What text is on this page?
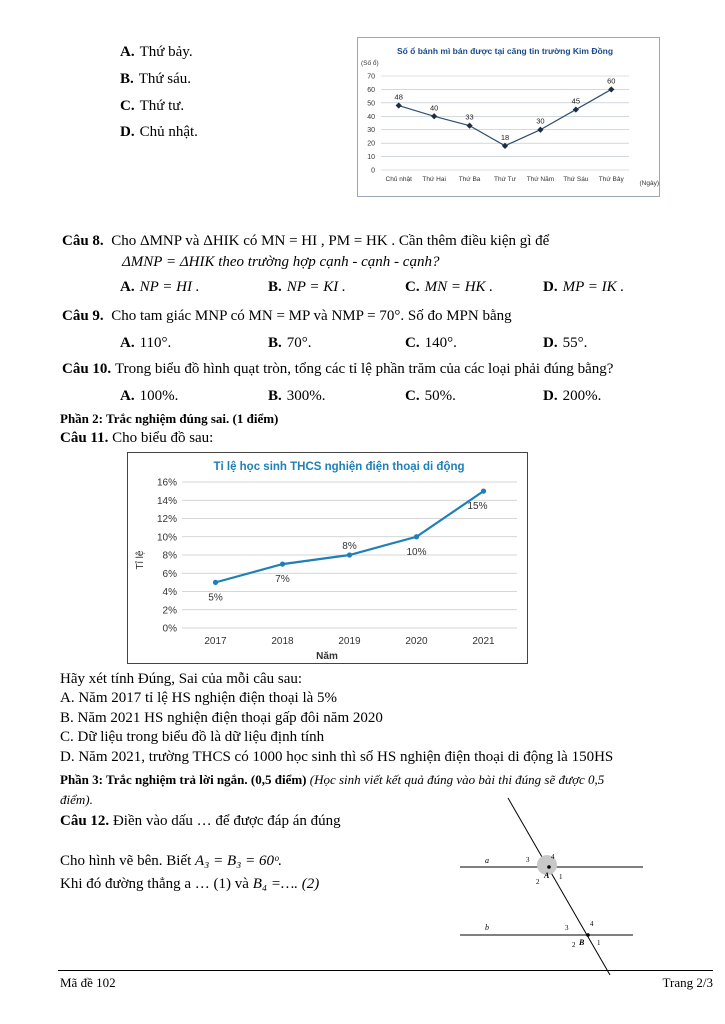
A. Thứ bảy.
B. Thứ sáu.
C. Thứ tư.
D. Chủ nhật.
Số ổ bánh mì bán được tại căng tin trường Kim Đồng
(Số ổ)
(Ngày)
0
10
20
30
40
50
60
70
Chủ nhật Thứ Hai Thứ Ba Thứ Tư Thứ Năm Thứ Sáu Thứ Bảy
48
40
33
18
30
45
60
Câu 8. Cho ΔMNP và ΔHIK có MN = HI , PM = HK . Cần thêm điều kiện gì để
ΔMNP = ΔHIK theo trường hợp cạnh - cạnh - cạnh?
A. NP = HI .	B. NP = KI .	C. MN = HK .	D. MP = IK .
Câu 9. Cho tam giác MNP có MN = MP và NMP = 70°. Số đo MPN bằng
A. 110°.	B. 70°.	C. 140°.	D. 55°.
Câu 10. Trong biểu đồ hình quạt tròn, tổng các tỉ lệ phần trăm của các loại phải đúng bằng?
A. 100%.	B. 300%.	C. 50%.	D. 200%.
Phần 2: Trắc nghiệm đúng sai. (1 điểm)
Câu 11. Cho biểu đồ sau:
Tỉ lệ học sinh THCS nghiện điện thoại di động
Tỉ lệ
Năm
0%
2%
4%
6%
8%
10%
12%
14%
16%
2017	2018	2019	2020	2021
5%
7%
8%
10%
15%
Hãy xét tính Đúng, Sai của mỗi câu sau:
A. Năm 2017 tỉ lệ HS nghiện điện thoại là 5%
B. Năm 2021 HS nghiện điện thoại gấp đôi năm 2020
C. Dữ liệu trong biểu đồ là dữ liệu định tính
D. Năm 2021, trường THCS có 1000 học sinh thì số HS nghiện điện thoại di động là 150HS
Phần 3: Trắc nghiệm trả lời ngắn. (0,5 điểm) (Học sinh viết kết quả đúng vào bài thi đúng sẽ được 0,5
điểm).
Câu 12. Điền vào dấu … để được đáp án đúng
Cho hình vẽ bên. Biết A₃ = B₃ = 60ᵒ.
Khi đó đường thẳng a … (1) và B₄ =…. (2)
a
b
A
B
1
2
3	4
1
2
3	4
Mã đề 102	Trang 2/3
